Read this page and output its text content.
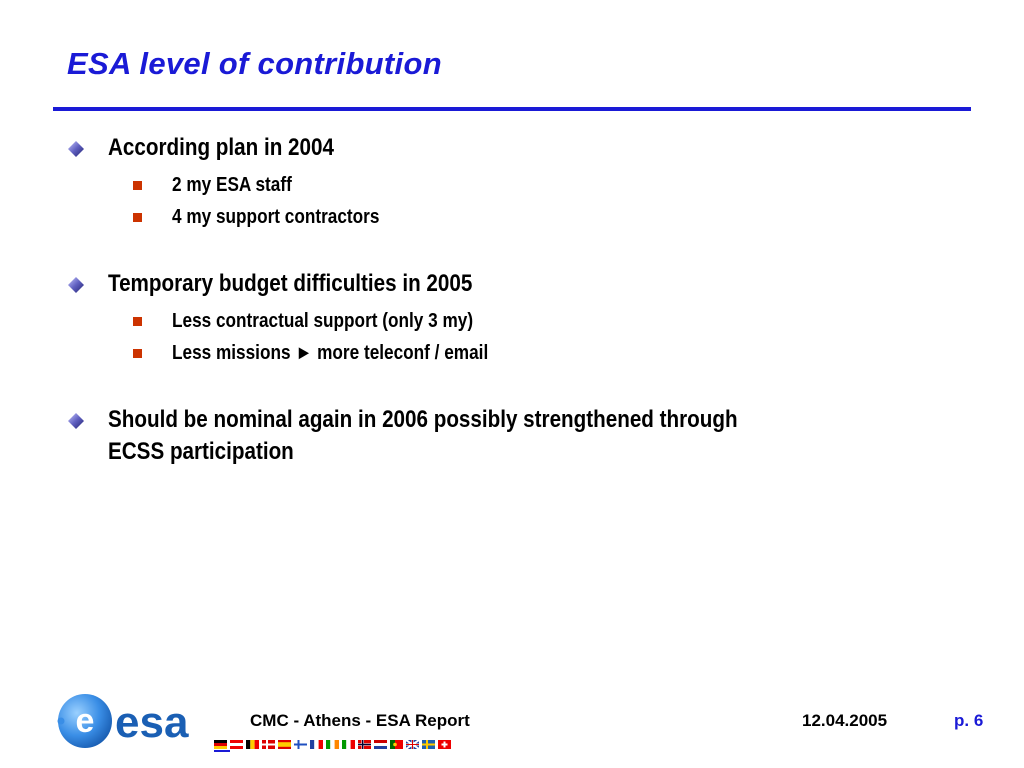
ESA level of contribution
According plan in 2004
2 my ESA staff
4 my support contractors
Temporary budget difficulties in 2005
Less contractual support (only 3 my)
Less missions ► more teleconf / email
Should be nominal again in 2006 possibly strengthened through
ECSS participation
e esa	CMC - Athens - ESA Report	12.04.2005	p. 6
